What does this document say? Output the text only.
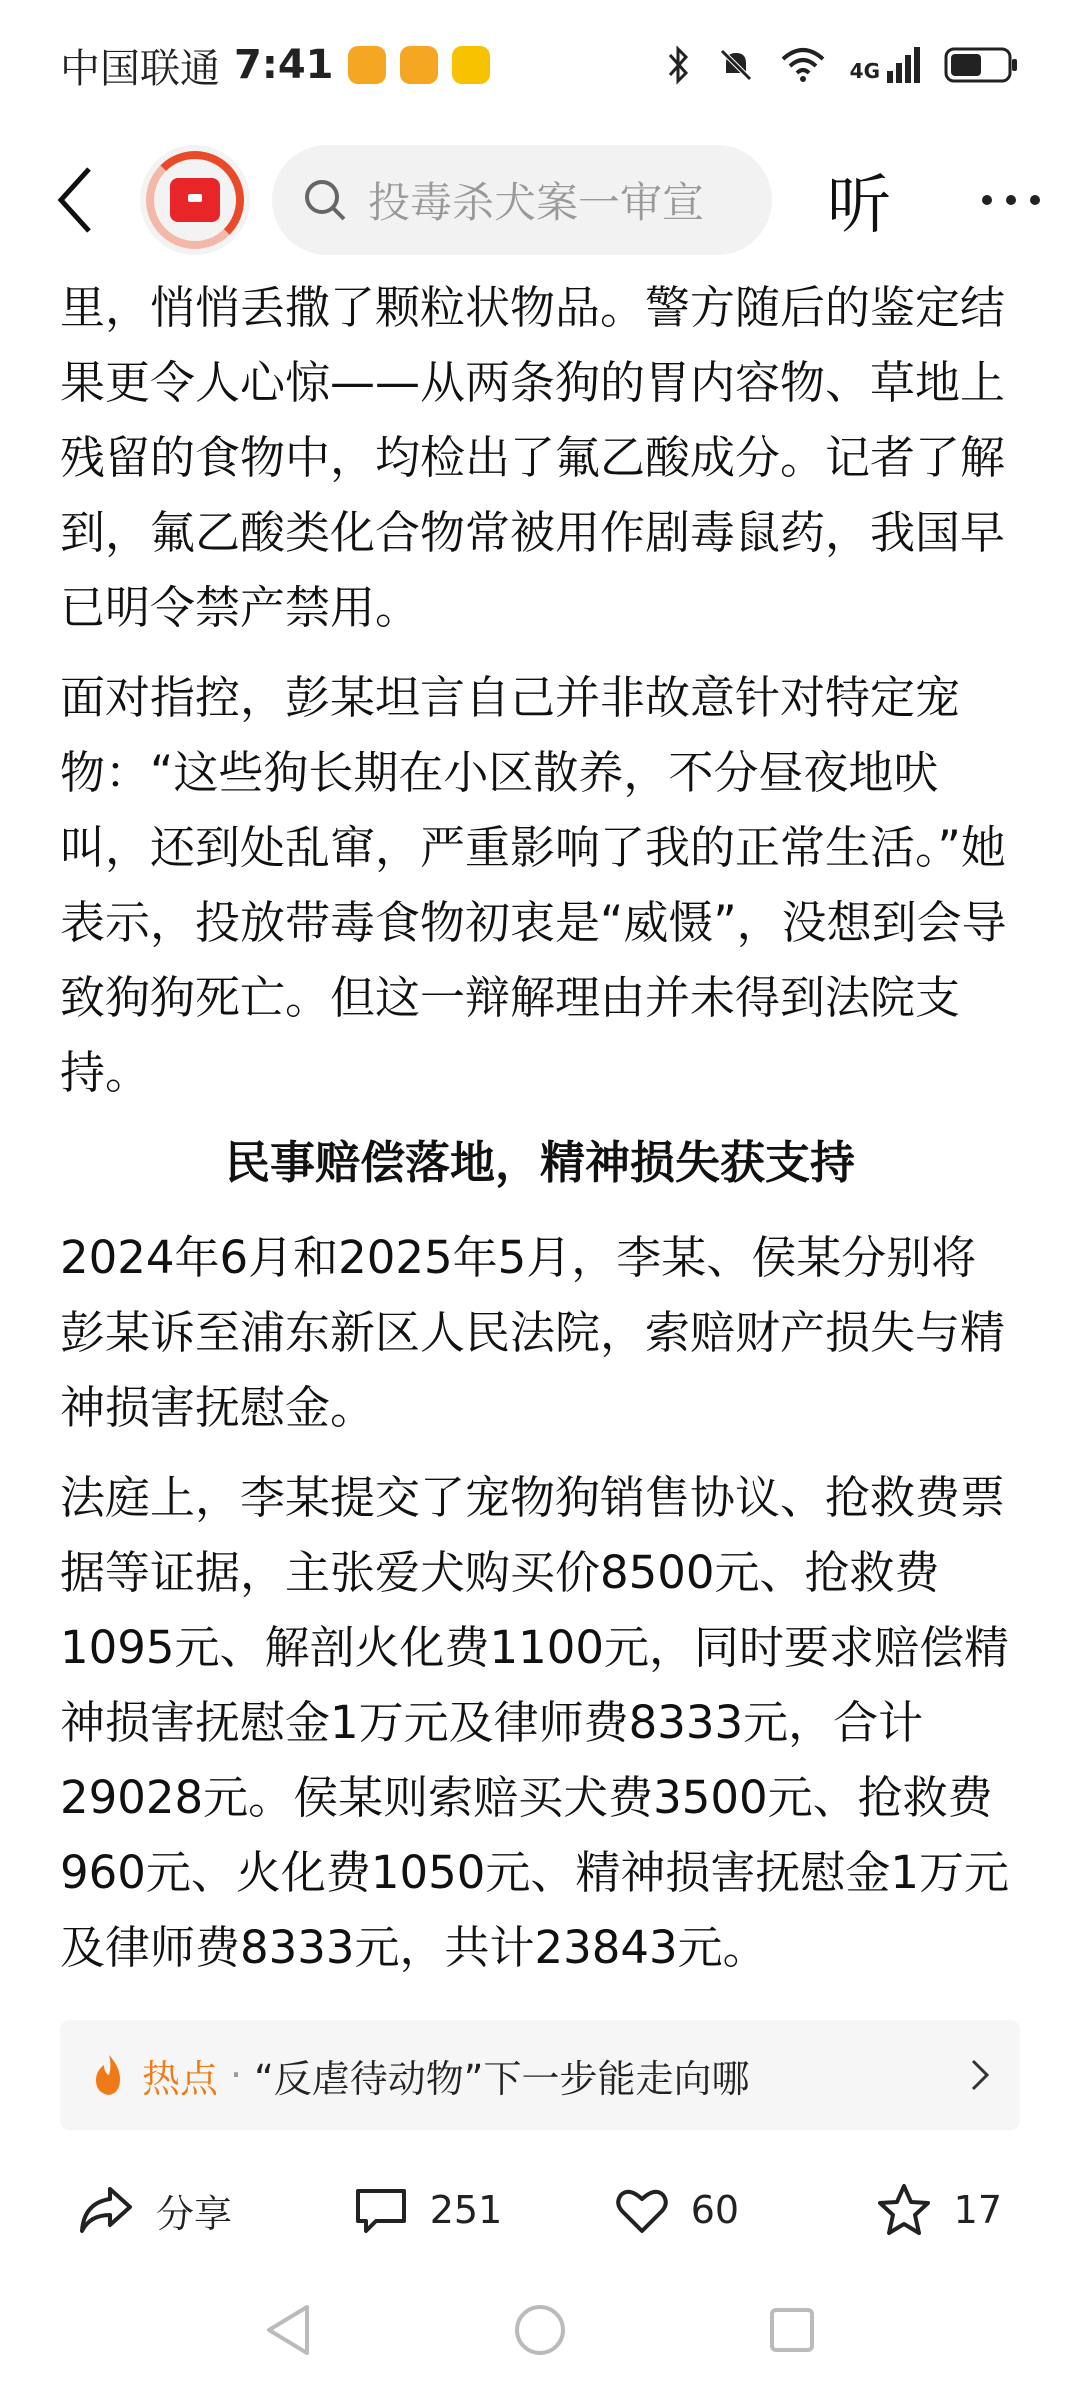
中国联通 7:41	4G
投毒杀犬案一审宣 听

里，悄悄丢撒了颗粒状物品。警方随后的鉴定结果更令人心惊——从两条狗的胃内容物、草地上残留的食物中，均检出了氟乙酸成分。记者了解到，氟乙酸类化合物常被用作剧毒鼠药，我国早已明令禁产禁用。

面对指控，彭某坦言自己并非故意针对特定宠物：“这些狗长期在小区散养，不分昼夜地吠叫，还到处乱窜，严重影响了我的正常生活。”她表示，投放带毒食物初衷是“威慑”，没想到会导致狗狗死亡。但这一辩解理由并未得到法院支持。

民事赔偿落地，精神损失获支持

2024年6月和2025年5月，李某、侯某分别将彭某诉至浦东新区人民法院，索赔财产损失与精神损害抚慰金。

法庭上，李某提交了宠物狗销售协议、抢救费票据等证据，主张爱犬购买价8500元、抢救费1095元、解剖火化费1100元，同时要求赔偿精神损害抚慰金1万元及律师费8333元，合计29028元。侯某则索赔买犬费3500元、抢救费960元、火化费1050元、精神损害抚慰金1万元及律师费8333元，共计23843元。

热点 · “反虐待动物”下一步能走向哪
分享	251	60	17
